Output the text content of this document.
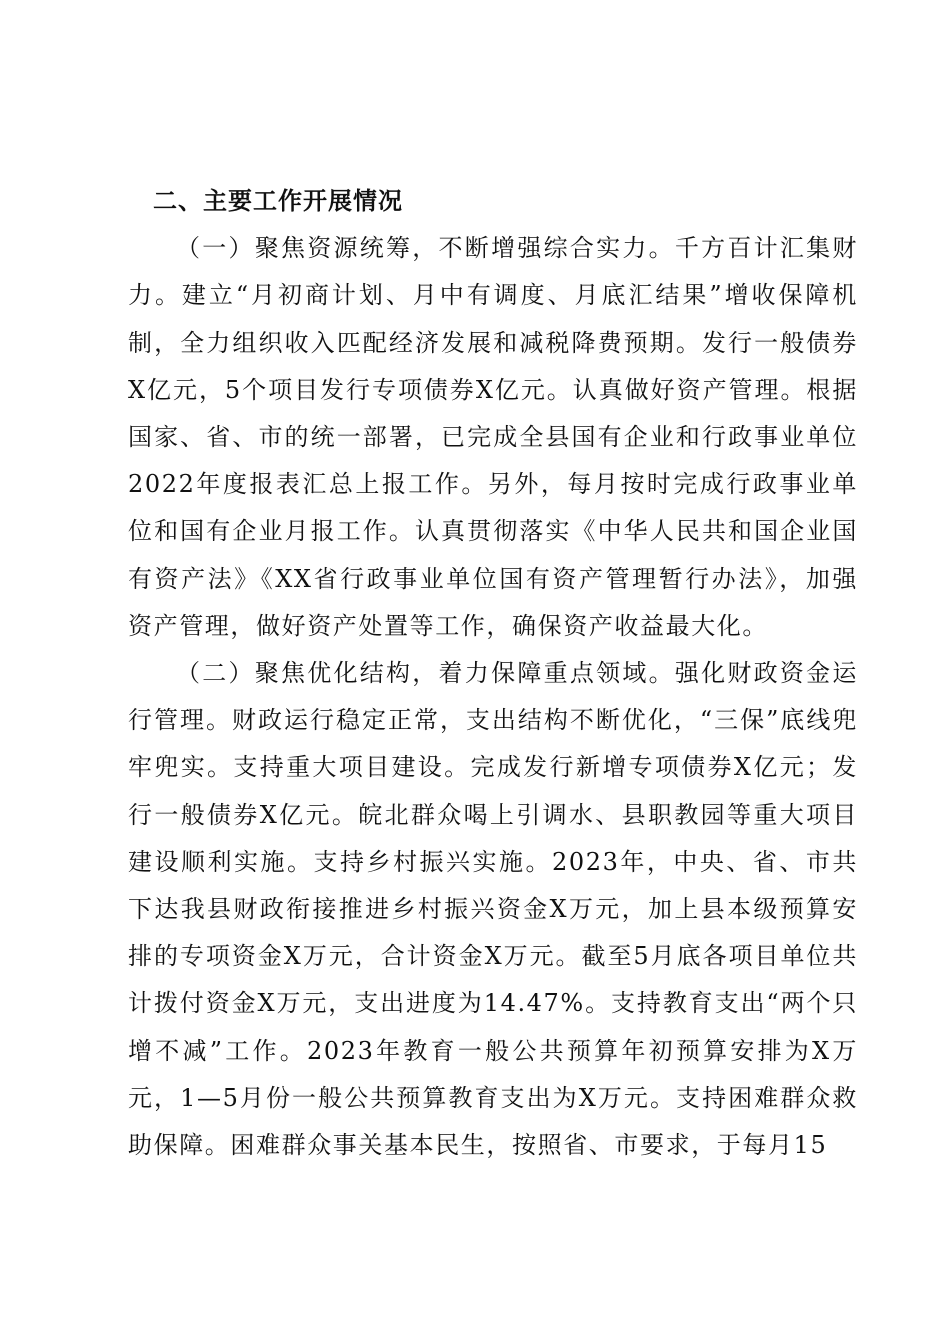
二、主要工作开展情况

（一）聚焦资源统筹，不断增强综合实力。千方百计汇集财力。建立“月初商计划、月中有调度、月底汇结果”增收保障机制，全力组织收入匹配经济发展和减税降费预期。发行一般债券X亿元，5个项目发行专项债券X亿元。认真做好资产管理。根据国家、省、市的统一部署，已完成全县国有企业和行政事业单位2022年度报表汇总上报工作。另外，每月按时完成行政事业单位和国有企业月报工作。认真贯彻落实《中华人民共和国企业国有资产法》《XX省行政事业单位国有资产管理暂行办法》，加强资产管理，做好资产处置等工作，确保资产收益最大化。

（二）聚焦优化结构，着力保障重点领域。强化财政资金运行管理。财政运行稳定正常，支出结构不断优化，“三保”底线兜牢兜实。支持重大项目建设。完成发行新增专项债券X亿元；发行一般债券X亿元。皖北群众喝上引调水、县职教园等重大项目建设顺利实施。支持乡村振兴实施。2023年，中央、省、市共下达我县财政衔接推进乡村振兴资金X万元，加上县本级预算安排的专项资金X万元，合计资金X万元。截至5月底各项目单位共计拨付资金X万元，支出进度为14.47%。支持教育支出“两个只增不减”工作。2023年教育一般公共预算年初预算安排为X万元，1—5月份一般公共预算教育支出为X万元。支持困难群众救助保障。困难群众事关基本民生，按照省、市要求，于每月15
